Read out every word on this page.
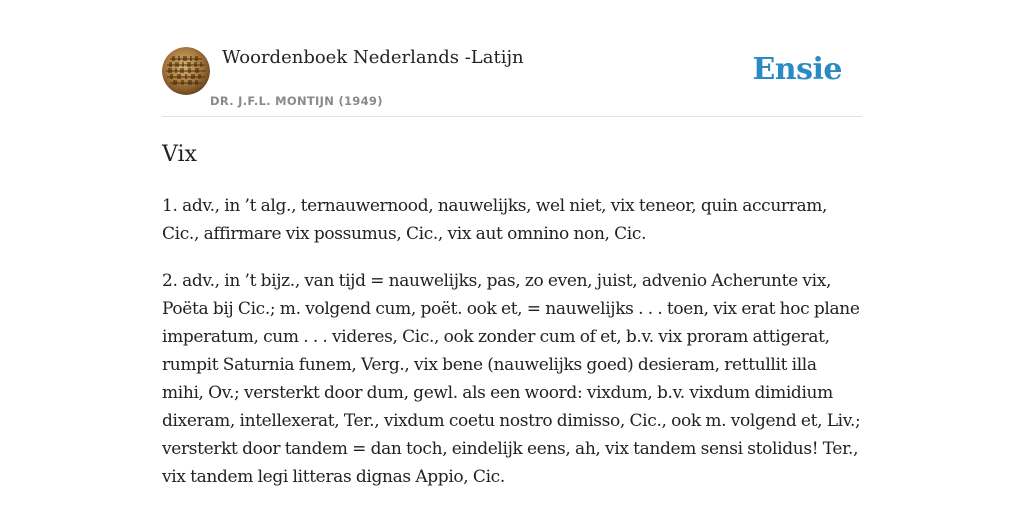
Woordenboek Nederlands -Latijn
DR. J.F.L. MONTIJN (1949)
Ensie
Vix

1. adv., in ’t alg., ternauwernood, nauwelijks, wel niet, vix teneor, quin accurram, Cic., affirmare vix possumus, Cic., vix aut omnino non, Cic.

2. adv., in ’t bijz., van tijd = nauwelijks, pas, zo even, juist, advenio Acherunte vix, Poëta bij Cic.; m. volgend cum, poët. ook et, = nauwelijks . . . toen, vix erat hoc plane imperatum, cum . . . videres, Cic., ook zonder cum of et, b.v. vix proram attigerat, rumpit Saturnia funem, Verg., vix bene (nauwelijks goed) desieram, rettullit illa mihi, Ov.; versterkt door dum, gewl. als een woord: vixdum, b.v. vixdum dimidium dixeram, intellexerat, Ter., vixdum coetu nostro dimisso, Cic., ook m. volgend et, Liv.; versterkt door tandem = dan toch, eindelijk eens, ah, vix tandem sensi stolidus! Ter., vix tandem legi litteras dignas Appio, Cic.
